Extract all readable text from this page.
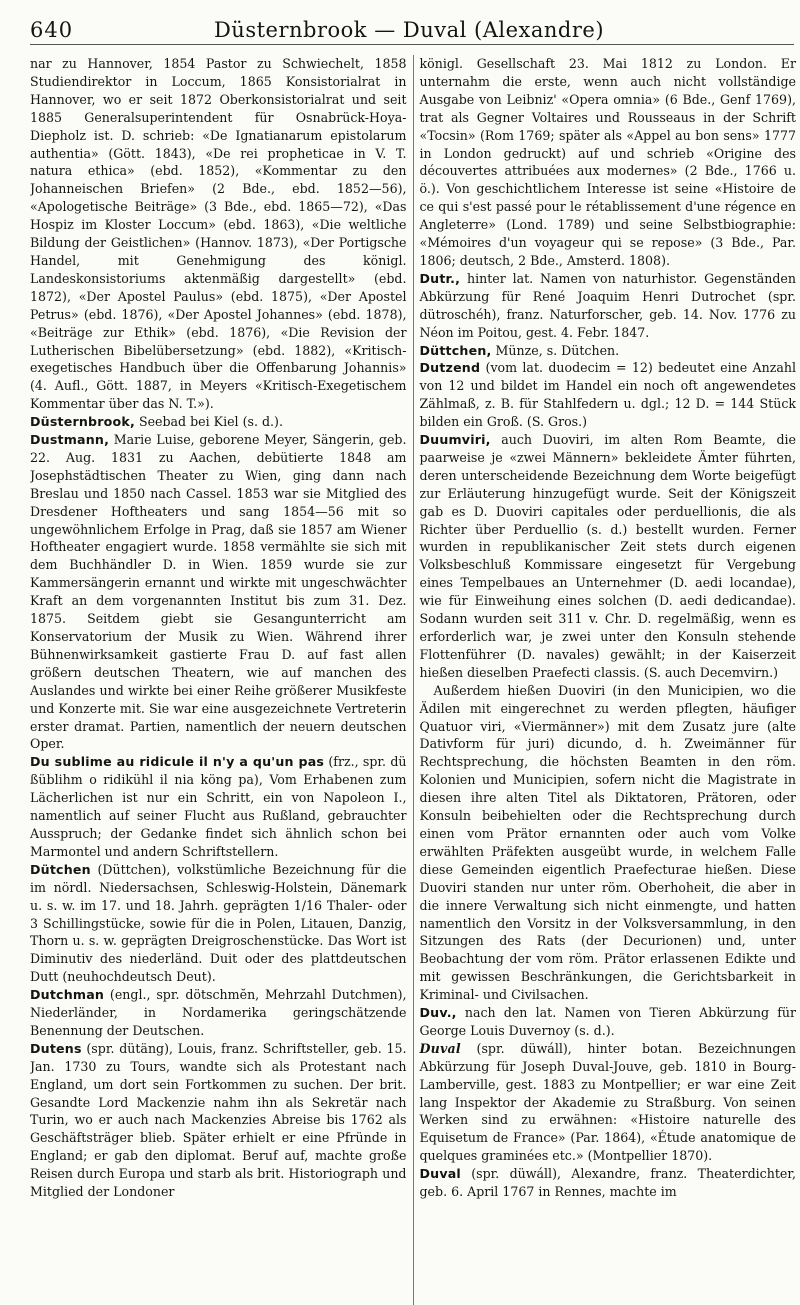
640	Düsternbrook — Duval (Alexandre)

nar zu Hannover, 1854 Pastor zu Schwiechelt, 1858 Studiendirektor in Loccum, 1865 Konsistorialrat in Hannover, wo er seit 1872 Oberkonsistorialrat und seit 1885 Generalsuperintendent für Osnabrück-Hoya-Diepholz ist. D. schrieb: «De Ignatianarum epistolarum authentia» (Gött. 1843), «De rei propheticae in V. T. natura ethica» (ebd. 1852), «Kommentar zu den Johanneischen Briefen» (2 Bde., ebd. 1852—56), «Apologetische Beiträge» (3 Bde., ebd. 1865—72), «Das Hospiz im Kloster Loccum» (ebd. 1863), «Die weltliche Bildung der Geistlichen» (Hannov. 1873), «Der Portigsche Handel, mit Genehmigung des königl. Landeskonsistoriums aktenmäßig dargestellt» (ebd. 1872), «Der Apostel Paulus» (ebd. 1875), «Der Apostel Petrus» (ebd. 1876), «Der Apostel Johannes» (ebd. 1878), «Beiträge zur Ethik» (ebd. 1876), «Die Revision der Lutherischen Bibelübersetzung» (ebd. 1882), «Kritisch-exegetisches Handbuch über die Offenbarung Johannis» (4. Aufl., Gött. 1887, in Meyers «Kritisch-Exegetischem Kommentar über das N. T.»).

Düsternbrook, Seebad bei Kiel (s. d.).

Dustmann, Marie Luise, geborene Meyer, Sängerin, geb. 22. Aug. 1831 zu Aachen, debütierte 1848 am Josephstädtischen Theater zu Wien, ging dann nach Breslau und 1850 nach Cassel. 1853 war sie Mitglied des Dresdener Hoftheaters und sang 1854—56 mit so ungewöhnlichem Erfolge in Prag, daß sie 1857 am Wiener Hoftheater engagiert wurde. 1858 vermählte sie sich mit dem Buchhändler D. in Wien. 1859 wurde sie zur Kammersängerin ernannt und wirkte mit ungeschwächter Kraft an dem vorgenannten Institut bis zum 31. Dez. 1875. Seitdem giebt sie Gesangunterricht am Konservatorium der Musik zu Wien. Während ihrer Bühnenwirksamkeit gastierte Frau D. auf fast allen größern deutschen Theatern, wie auf manchen des Auslandes und wirkte bei einer Reihe größerer Musikfeste und Konzerte mit. Sie war eine ausgezeichnete Vertreterin erster dramat. Partien, namentlich der neuern deutschen Oper.

Du sublime au ridicule il n'y a qu'un pas (frz., spr. dü ßüblihm o ridikühl il nia köng pa), Vom Erhabenen zum Lächerlichen ist nur ein Schritt, ein von Napoleon I., namentlich auf seiner Flucht aus Rußland, gebrauchter Ausspruch; der Gedanke findet sich ähnlich schon bei Marmontel und andern Schriftstellern.

Dütchen (Düttchen), volkstümliche Bezeichnung für die im nördl. Niedersachsen, Schleswig-Holstein, Dänemark u. s. w. im 17. und 18. Jahrh. geprägten 1/16 Thaler- oder 3 Schillingstücke, sowie für die in Polen, Litauen, Danzig, Thorn u. s. w. geprägten Dreigroschenstücke. Das Wort ist Diminutiv des niederländ. Duit oder des plattdeutschen Dutt (neuhochdeutsch Deut).

Dutchman (engl., spr. dötschmĕn, Mehrzahl Dutchmen), Niederländer, in Nordamerika geringschätzende Benennung der Deutschen.

Dutens (spr. dütäng), Louis, franz. Schriftsteller, geb. 15. Jan. 1730 zu Tours, wandte sich als Protestant nach England, um dort sein Fortkommen zu suchen. Der brit. Gesandte Lord Mackenzie nahm ihn als Sekretär nach Turin, wo er auch nach Mackenzies Abreise bis 1762 als Geschäftsträger blieb. Später erhielt er eine Pfründe in England; er gab den diplomat. Beruf auf, machte große Reisen durch Europa und starb als brit. Historiograph und Mitglied der Londoner

königl. Gesellschaft 23. Mai 1812 zu London. Er unternahm die erste, wenn auch nicht vollständige Ausgabe von Leibniz' «Opera omnia» (6 Bde., Genf 1769), trat als Gegner Voltaires und Rousseaus in der Schrift «Tocsin» (Rom 1769; später als «Appel au bon sens» 1777 in London gedruckt) auf und schrieb «Origine des découvertes attribuées aux modernes» (2 Bde., 1766 u. ö.). Von geschichtlichem Interesse ist seine «Histoire de ce qui s'est passé pour le rétablissement d'une régence en Angleterre» (Lond. 1789) und seine Selbstbiographie: «Mémoires d'un voyageur qui se repose» (3 Bde., Par. 1806; deutsch, 2 Bde., Amsterd. 1808).

Dutr., hinter lat. Namen von naturhistor. Gegenständen Abkürzung für René Joaquim Henri Dutrochet (spr. dütroschéh), franz. Naturforscher, geb. 14. Nov. 1776 zu Néon im Poitou, gest. 4. Febr. 1847.

Düttchen, Münze, s. Dütchen.

Dutzend (vom lat. duodecim = 12) bedeutet eine Anzahl von 12 und bildet im Handel ein noch oft angewendetes Zählmaß, z. B. für Stahlfedern u. dgl.; 12 D. = 144 Stück bilden ein Groß. (S. Gros.)

Duumviri, auch Duoviri, im alten Rom Beamte, die paarweise je «zwei Männern» bekleidete Ämter führten, deren unterscheidende Bezeichnung dem Worte beigefügt zur Erläuterung hinzugefügt wurde. Seit der Königszeit gab es D. Duoviri capitales oder perduellionis, die als Richter über Perduellio (s. d.) bestellt wurden. Ferner wurden in republikanischer Zeit stets durch eigenen Volksbeschluß Kommissare eingesetzt für Vergebung eines Tempelbaues an Unternehmer (D. aedi locandae), wie für Einweihung eines solchen (D. aedi dedicandae). Sodann wurden seit 311 v. Chr. D. regelmäßig, wenn es erforderlich war, je zwei unter den Konsuln stehende Flottenführer (D. navales) gewählt; in der Kaiserzeit hießen dieselben Praefecti classis. (S. auch Decemvirn.)

Außerdem hießen Duoviri (in den Municipien, wo die Ädilen mit eingerechnet zu werden pflegten, häufiger Quatuor viri, «Viermänner») mit dem Zusatz jure (alte Dativform für juri) dicundo, d. h. Zweimänner für Rechtsprechung, die höchsten Beamten in den röm. Kolonien und Municipien, sofern nicht die Magistrate in diesen ihre alten Titel als Diktatoren, Prätoren, oder Konsuln beibehielten oder die Rechtsprechung durch einen vom Prätor ernannten oder auch vom Volke erwählten Präfekten ausgeübt wurde, in welchem Falle diese Gemeinden eigentlich Praefecturae hießen. Diese Duoviri standen nur unter röm. Oberhoheit, die aber in die innere Verwaltung sich nicht einmengte, und hatten namentlich den Vorsitz in der Volksversammlung, in den Sitzungen des Rats (der Decurionen) und, unter Beobachtung der vom röm. Prätor erlassenen Edikte und mit gewissen Beschränkungen, die Gerichtsbarkeit in Kriminal- und Civilsachen.

Duv., nach den lat. Namen von Tieren Abkürzung für George Louis Duvernoy (s. d.).

Duval (spr. düwáll), hinter botan. Bezeichnungen Abkürzung für Joseph Duval-Jouve, geb. 1810 in Bourg-Lamberville, gest. 1883 zu Montpellier; er war eine Zeit lang Inspektor der Akademie zu Straßburg. Von seinen Werken sind zu erwähnen: «Histoire naturelle des Equisetum de France» (Par. 1864), «Étude anatomique de quelques graminées etc.» (Montpellier 1870).

Duval (spr. düwáll), Alexandre, franz. Theaterdichter, geb. 6. April 1767 in Rennes, machte im
